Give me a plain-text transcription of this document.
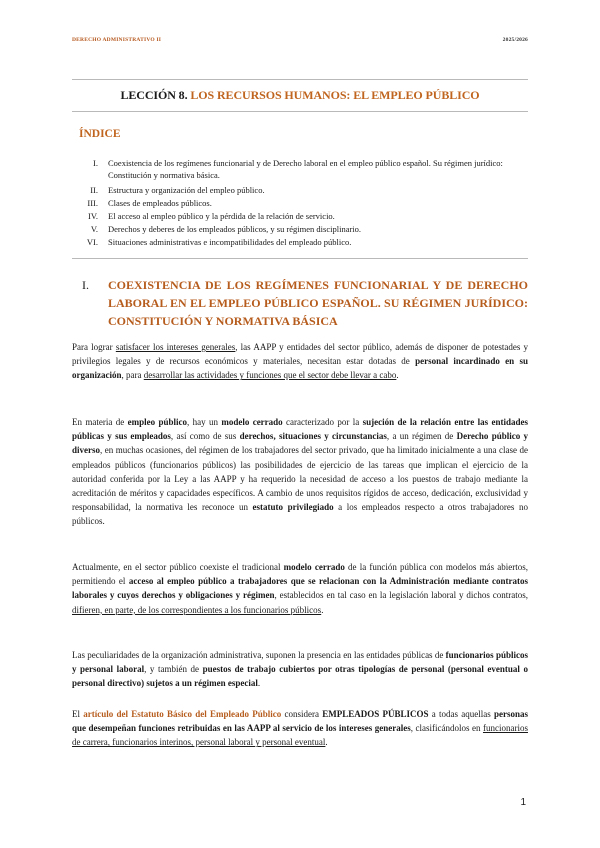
DERECHO ADMINISTRATIVO II	2025/2026
LECCIÓN 8. LOS RECURSOS HUMANOS: EL EMPLEO PÚBLICO
ÍNDICE
I. Coexistencia de los regímenes funcionarial y de Derecho laboral en el empleo público español. Su régimen jurídico: Constitución y normativa básica.
II. Estructura y organización del empleo público.
III. Clases de empleados públicos.
IV. El acceso al empleo público y la pérdida de la relación de servicio.
V. Derechos y deberes de los empleados públicos, y su régimen disciplinario.
VI. Situaciones administrativas e incompatibilidades del empleado público.
I. COEXISTENCIA DE LOS REGÍMENES FUNCIONARIAL Y DE DERECHO LABORAL EN EL EMPLEO PÚBLICO ESPAÑOL. SU RÉGIMEN JURÍDICO: CONSTITUCIÓN Y NORMATIVA BÁSICA
Para lograr satisfacer los intereses generales, las AAPP y entidades del sector público, además de disponer de potestades y privilegios legales y de recursos económicos y materiales, necesitan estar dotadas de personal incardinado en su organización, para desarrollar las actividades y funciones que el sector debe llevar a cabo.
En materia de empleo público, hay un modelo cerrado caracterizado por la sujeción de la relación entre las entidades públicas y sus empleados, así como de sus derechos, situaciones y circunstancias, a un régimen de Derecho público y diverso, en muchas ocasiones, del régimen de los trabajadores del sector privado, que ha limitado inicialmente a una clase de empleados públicos (funcionarios públicos) las posibilidades de ejercicio de las tareas que implican el ejercicio de la autoridad conferida por la Ley a las AAPP y ha requerido la necesidad de acceso a los puestos de trabajo mediante la acreditación de méritos y capacidades específicos. A cambio de unos requisitos rígidos de acceso, dedicación, exclusividad y responsabilidad, la normativa les reconoce un estatuto privilegiado a los empleados respecto a otros trabajadores no públicos.
Actualmente, en el sector público coexiste el tradicional modelo cerrado de la función pública con modelos más abiertos, permitiendo el acceso al empleo público a trabajadores que se relacionan con la Administración mediante contratos laborales y cuyos derechos y obligaciones y régimen, establecidos en tal caso en la legislación laboral y dichos contratos, difieren, en parte, de los correspondientes a los funcionarios públicos.
Las peculiaridades de la organización administrativa, suponen la presencia en las entidades públicas de funcionarios públicos y personal laboral, y también de puestos de trabajo cubiertos por otras tipologías de personal (personal eventual o personal directivo) sujetos a un régimen especial.
El artículo del Estatuto Básico del Empleado Público considera EMPLEADOS PÚBLICOS a todas aquellas personas que desempeñan funciones retribuidas en las AAPP al servicio de los intereses generales, clasificándolos en funcionarios de carrera, funcionarios interinos, personal laboral y personal eventual.
1
